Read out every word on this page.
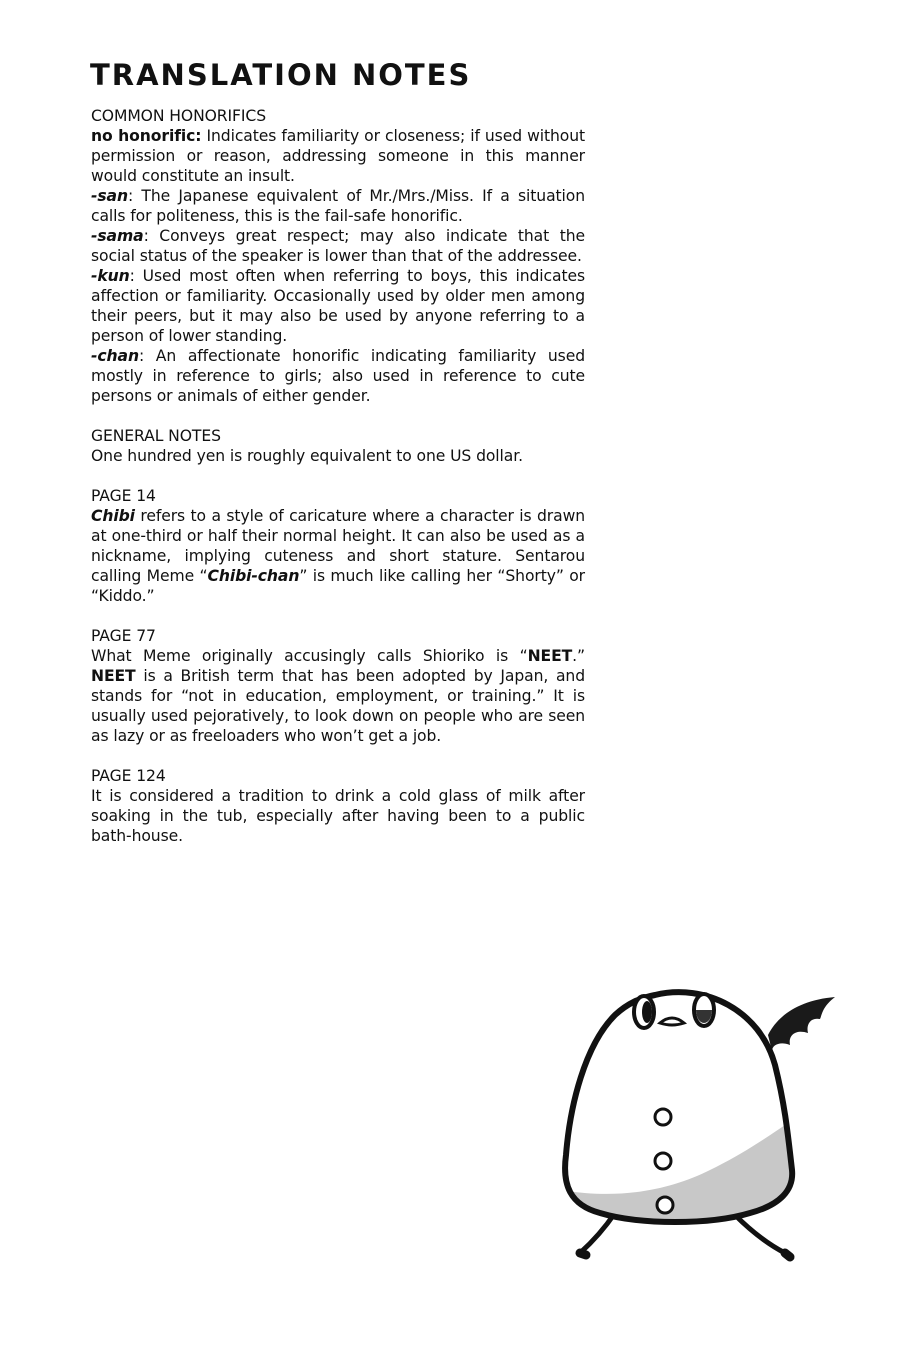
TRANSLATION NOTES

COMMON HONORIFICS

no honorific: Indicates familiarity or closeness; if used without permission or reason, addressing someone in this manner would constitute an insult.

-san: The Japanese equivalent of Mr./Mrs./Miss. If a situation calls for politeness, this is the fail-safe honorific.

-sama: Conveys great respect; may also indicate that the social status of the speaker is lower than that of the addressee.

-kun: Used most often when referring to boys, this indicates affection or familiarity. Occasionally used by older men among their peers, but it may also be used by anyone referring to a person of lower standing.

-chan: An affectionate honorific indicating familiarity used mostly in reference to girls; also used in reference to cute persons or animals of either gender.

GENERAL NOTES

One hundred yen is roughly equivalent to one US dollar.

PAGE 14

Chibi refers to a style of caricature where a character is drawn at one-third or half their normal height. It can also be used as a nickname, implying cuteness and short stature. Sentarou calling Meme “Chibi-chan” is much like calling her “Shorty” or “Kiddo.”

PAGE 77

What Meme originally accusingly calls Shioriko is “NEET.” NEET is a British term that has been adopted by Japan, and stands for “not in education, employment, or training.” It is usually used pejoratively, to look down on people who are seen as lazy or as freeloaders who won’t get a job.

PAGE 124

It is considered a tradition to drink a cold glass of milk after soaking in the tub, especially after having been to a public bath-house.
